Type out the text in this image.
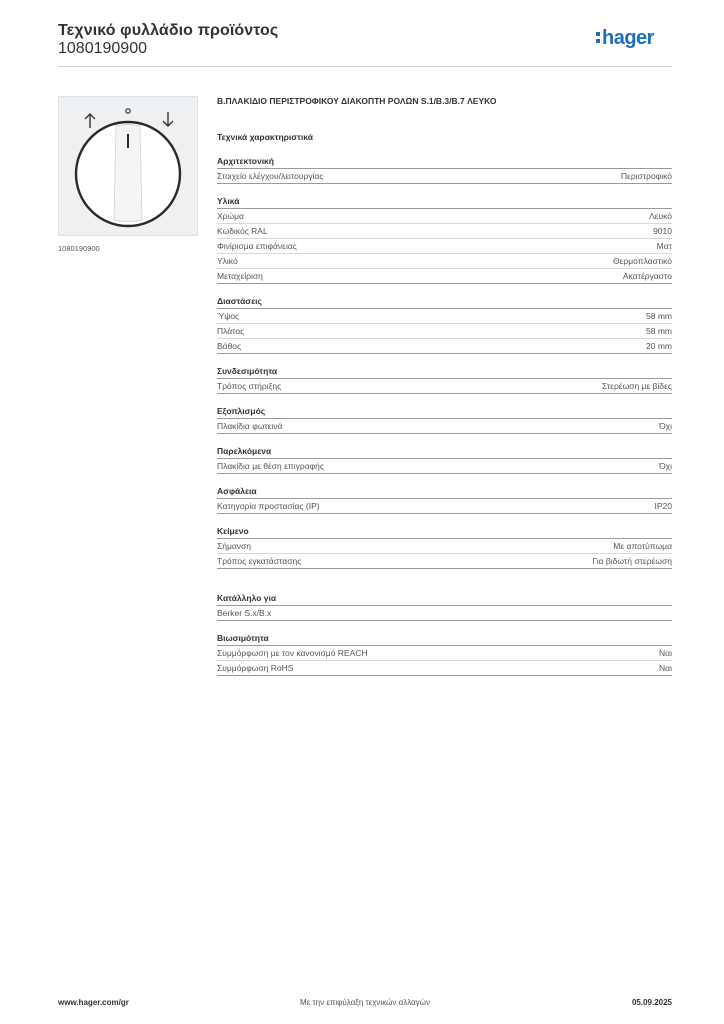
Τεχνικό φυλλάδιο προϊόντος
1080190900	hager
1080190900
Β.ΠΛΑΚΙΔΙΟ ΠΕΡΙΣΤΡΟΦΙΚΟΥ ΔΙΑΚΟΠΤΗ ΡΟΛΩΝ S.1/B.3/B.7 ΛΕΥΚΟ
Τεχνικά χαρακτηριστικά
Αρχιτεκτονική
Στοιχείο ελέγχου/λειτουργίας	Περιστροφικό
Υλικά
Χρώμα	Λευκό
Κωδικός RAL	9010
Φινίρισμα επιφάνειας	Ματ
Υλικό	Θερμοπλαστικό
Μεταχείριση	Ακατέργαστο
Διαστάσεις
Ύψος	58 mm
Πλάτος	58 mm
Βάθος	20 mm
Συνδεσιμότητα
Τρόπος στήριξης	Στερέωση με βίδες
Εξοπλισμός
Πλακίδια φωτεινά	Όχι
Παρελκόμενα
Πλακίδια με θέση επιγραφής	Όχι
Ασφάλεια
Κατηγορία προστασίας (IP)	IP20
Κείμενο
Σήμανση	Με αποτύπωμα
Τρόπος εγκατάστασης	Για βιδωτή στερέωση
Κατάλληλο για
Berker S.x/B.x
Βιωσιμότητα
Συμμόρφωση με τον κανονισμό REACH	Ναι
Συμμόρφωση RoHS	Ναι
Με την επιφύλαξη τεχνικών αλλαγών
www.hager.com/gr	05.09.2025
